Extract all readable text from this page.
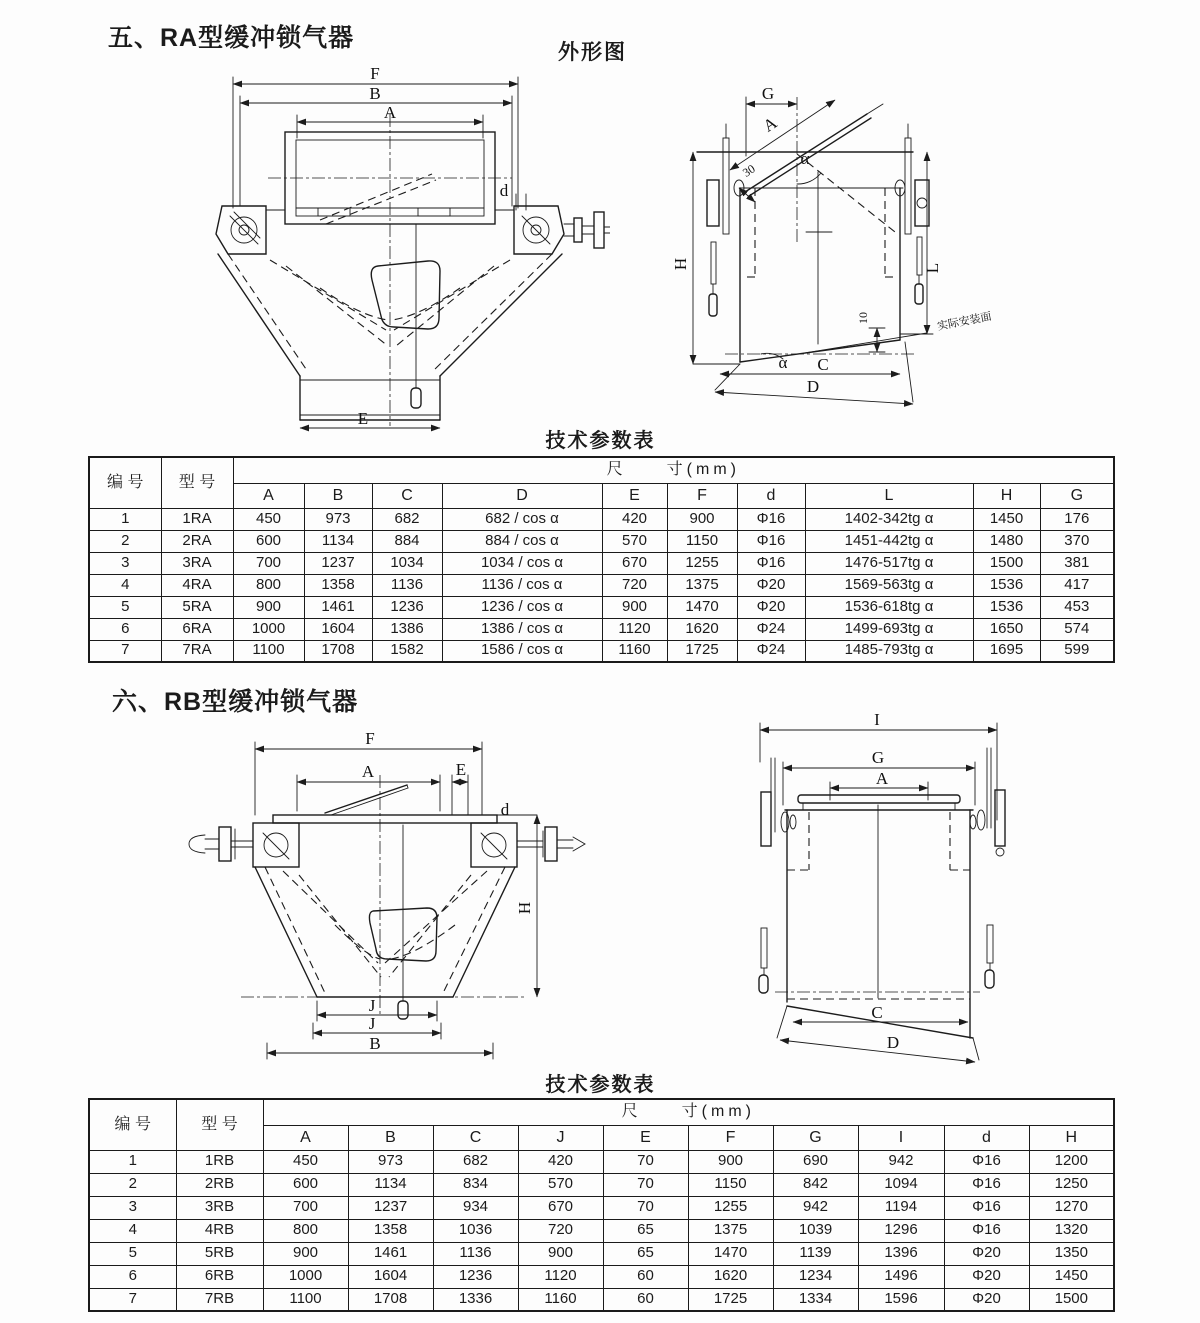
五、RA型缓冲锁气器
外形图
F
B
A
d
E
G
A
30
α
H	L
10	实际安装面
α C
D
技术参数表
编 号	型 号	尺　　寸(mm)									
		A	B	C	D	E	F	d	L	H	G
1	1RA	450	973	682	682 / cos α	420	900	Φ16	1402-342tg α	1450	176
2	2RA	600	1134	884	884 / cos α	570	1150	Φ16	1451-442tg α	1480	370
3	3RA	700	1237	1034	1034 / cos α	670	1255	Φ16	1476-517tg α	1500	381
4	4RA	800	1358	1136	1136 / cos α	720	1375	Φ20	1569-563tg α	1536	417
5	5RA	900	1461	1236	1236 / cos α	900	1470	Φ20	1536-618tg α	1536	453
6	6RA	1000	1604	1386	1386 / cos α	1120	1620	Φ24	1499-693tg α	1650	574
7	7RA	1100	1708	1582	1586 / cos α	1160	1725	Φ24	1485-793tg α	1695	599
六、RB型缓冲锁气器
F
A	E
d
H
J
J
B
I
G
A
C
D
技术参数表
编 号	型 号	尺　　寸(mm)									
		A	B	C	J	E	F	G	I	d	H
1	1RB	450	973	682	420	70	900	690	942	Φ16	1200
2	2RB	600	1134	834	570	70	1150	842	1094	Φ16	1250
3	3RB	700	1237	934	670	70	1255	942	1194	Φ16	1270
4	4RB	800	1358	1036	720	65	1375	1039	1296	Φ16	1320
5	5RB	900	1461	1136	900	65	1470	1139	1396	Φ20	1350
6	6RB	1000	1604	1236	1120	60	1620	1234	1496	Φ20	1450
7	7RB	1100	1708	1336	1160	60	1725	1334	1596	Φ20	1500
